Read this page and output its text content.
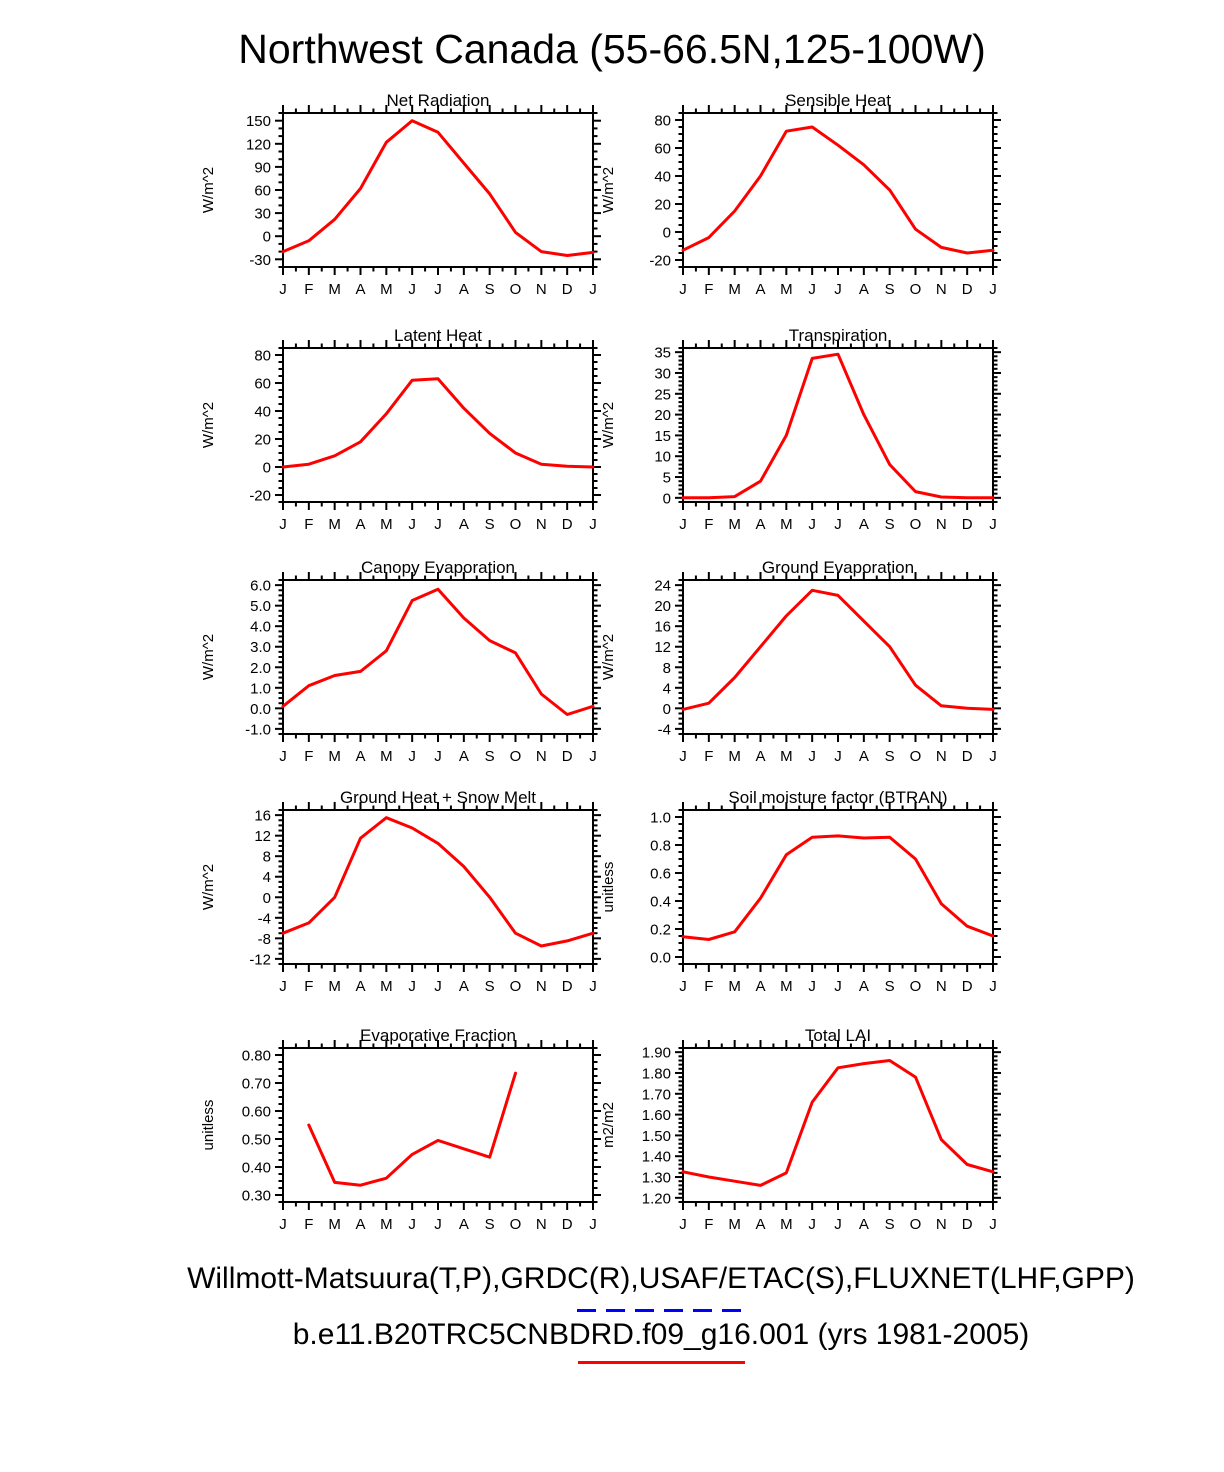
Northwest Canada (55-66.5N,125-100W)
J F M A M J J A S O N D J
150
120
90
60
30
0
-30
Net Radiation
W/m^2
J F M A M J J A S O N D J
80
60
40
20
0
-20
Sensible Heat
W/m^2
J F M A M J J A S O N D J
80
60
40
20
0
-20
Latent Heat
W/m^2
J F M A M J J A S O N D J
35
30
25
20
15
10
5
0
Transpiration
W/m^2
J F M A M J J A S O N D J
6.0
5.0
4.0
3.0
2.0
1.0
0.0
-1.0
Canopy Evaporation
W/m^2
J F M A M J J A S O N D J
24
20
16
12
8
4
0
-4
Ground Evaporation
W/m^2
J F M A M J J A S O N D J
16
12
8
4
0
-4
-8
-12
Ground Heat + Snow Melt
W/m^2
J F M A M J J A S O N D J
1.0
0.8
0.6
0.4
0.2
0.0
Soil moisture factor (BTRAN)
unitless
J F M A M J J A S O N D J
0.80
0.70
0.60
0.50
0.40
0.30
Evaporative Fraction
unitless
J F M A M J J A S O N D J
1.90
1.80
1.70
1.60
1.50
1.40
1.30
1.20
Total LAI
m2/m2
Willmott-Matsuura(T,P),GRDC(R),USAF/ETAC(S),FLUXNET(LHF,GPP)
b.e11.B20TRC5CNBDRD.f09_g16.001 (yrs 1981-2005)
